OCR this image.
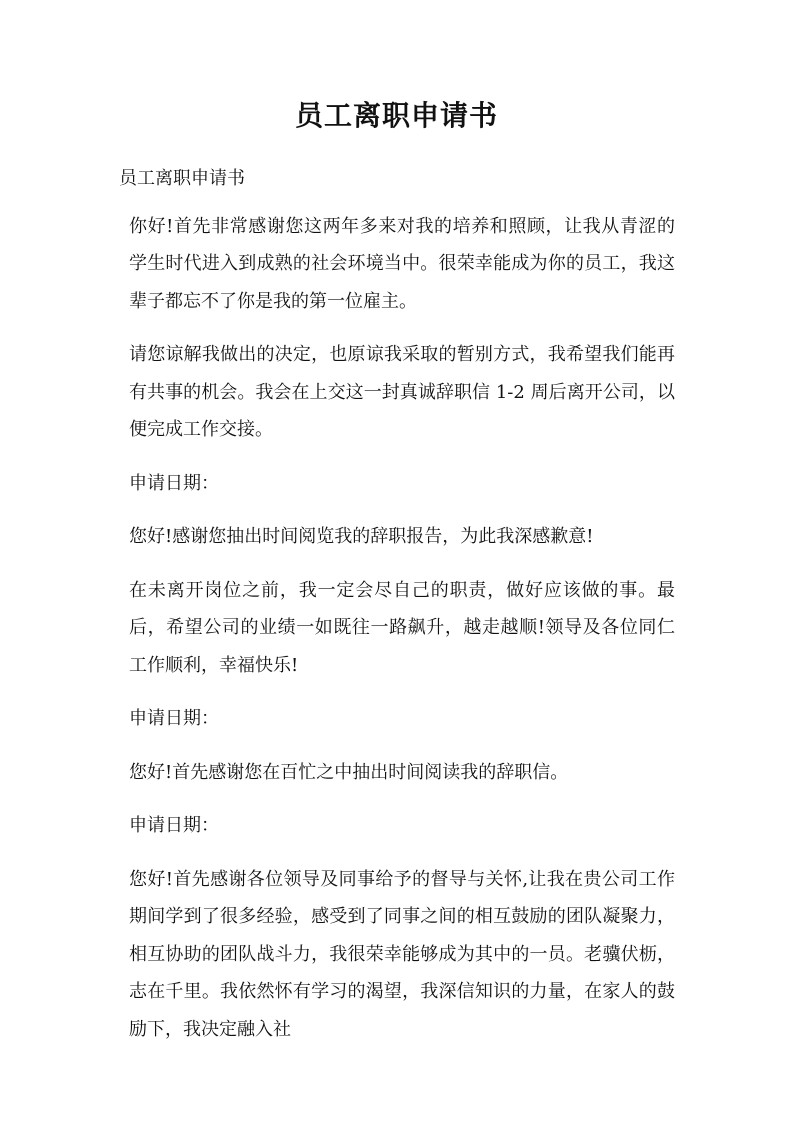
员工离职申请书

员工离职申请书

你好!首先非常感谢您这两年多来对我的培养和照顾，让我从青涩的学生时代进入到成熟的社会环境当中。很荣幸能成为你的员工，我这辈子都忘不了你是我的第一位雇主。

请您谅解我做出的决定，也原谅我采取的暂别方式，我希望我们能再有共事的机会。我会在上交这一封真诚辞职信 1-2 周后离开公司，以便完成工作交接。

申请日期：

您好!感谢您抽出时间阅览我的辞职报告，为此我深感歉意!

在未离开岗位之前，我一定会尽自己的职责，做好应该做的事。最后，希望公司的业绩一如既往一路飙升，越走越顺!领导及各位同仁工作顺利，幸福快乐!

申请日期：

您好!首先感谢您在百忙之中抽出时间阅读我的辞职信。

申请日期：

您好!首先感谢各位领导及同事给予的督导与关怀,让我在贵公司工作期间学到了很多经验，感受到了同事之间的相互鼓励的团队凝聚力，相互协助的团队战斗力，我很荣幸能够成为其中的一员。老骥伏枥，志在千里。我依然怀有学习的渴望，我深信知识的力量，在家人的鼓励下，我决定融入社
